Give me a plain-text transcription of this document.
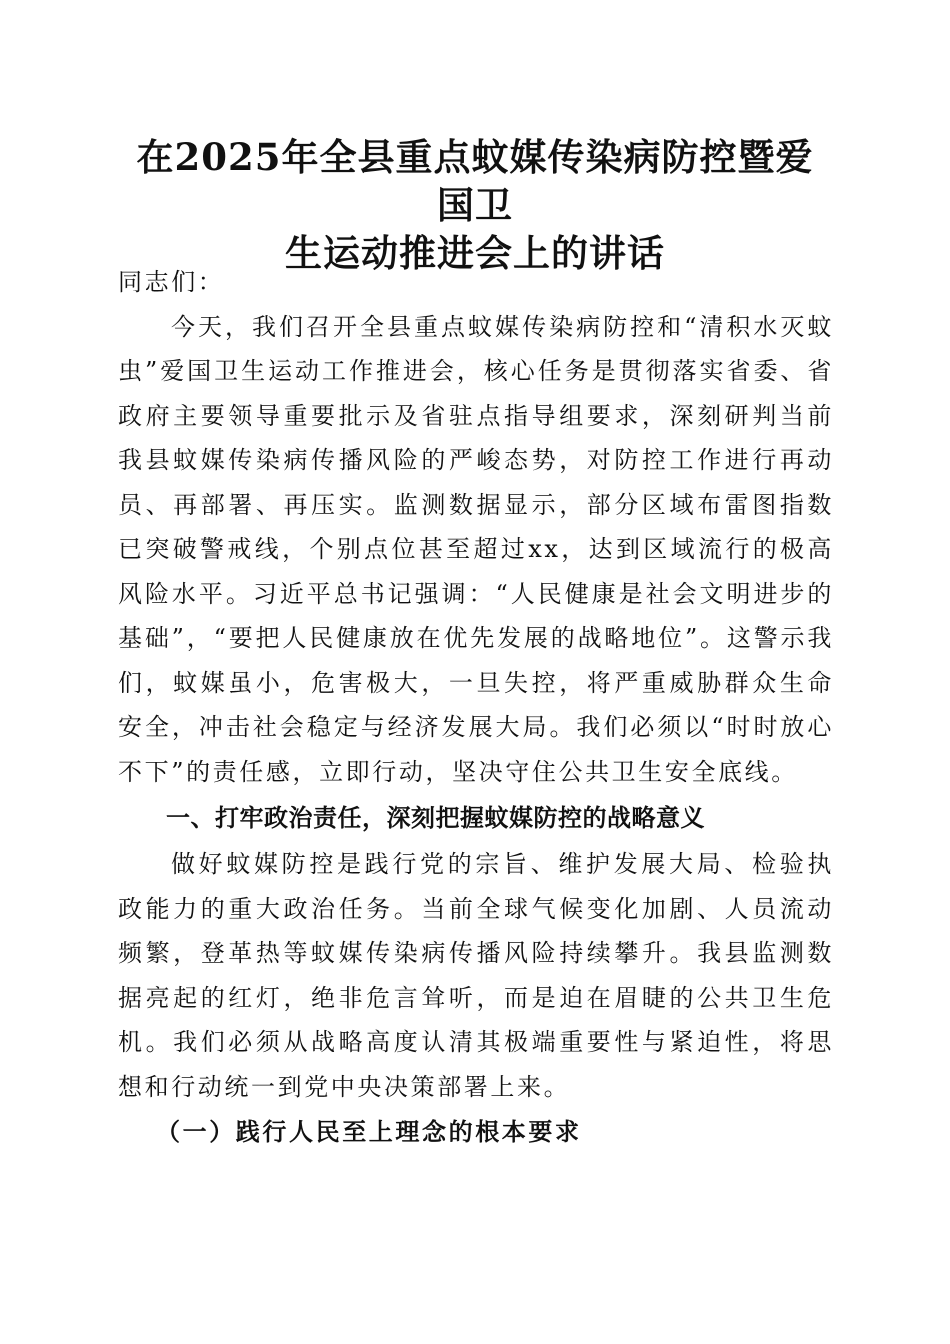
在2025年全县重点蚊媒传染病防控暨爱国卫
生运动推进会上的讲话

同志们：

今天，我们召开全县重点蚊媒传染病防控和“清积水灭蚊虫”爱国卫生运动工作推进会，核心任务是贯彻落实省委、省政府主要领导重要批示及省驻点指导组要求，深刻研判当前我县蚊媒传染病传播风险的严峻态势，对防控工作进行再动员、再部署、再压实。监测数据显示，部分区域布雷图指数已突破警戒线，个别点位甚至超过xx，达到区域流行的极高风险水平。习近平总书记强调：“人民健康是社会文明进步的基础”，“要把人民健康放在优先发展的战略地位”。这警示我们，蚊媒虽小，危害极大，一旦失控，将严重威胁群众生命安全，冲击社会稳定与经济发展大局。我们必须以“时时放心不下”的责任感，立即行动，坚决守住公共卫生安全底线。

一、打牢政治责任，深刻把握蚊媒防控的战略意义

做好蚊媒防控是践行党的宗旨、维护发展大局、检验执政能力的重大政治任务。当前全球气候变化加剧、人员流动频繁，登革热等蚊媒传染病传播风险持续攀升。我县监测数据亮起的红灯，绝非危言耸听，而是迫在眉睫的公共卫生危机。我们必须从战略高度认清其极端重要性与紧迫性，将思想和行动统一到党中央决策部署上来。

（一）践行人民至上理念的根本要求
